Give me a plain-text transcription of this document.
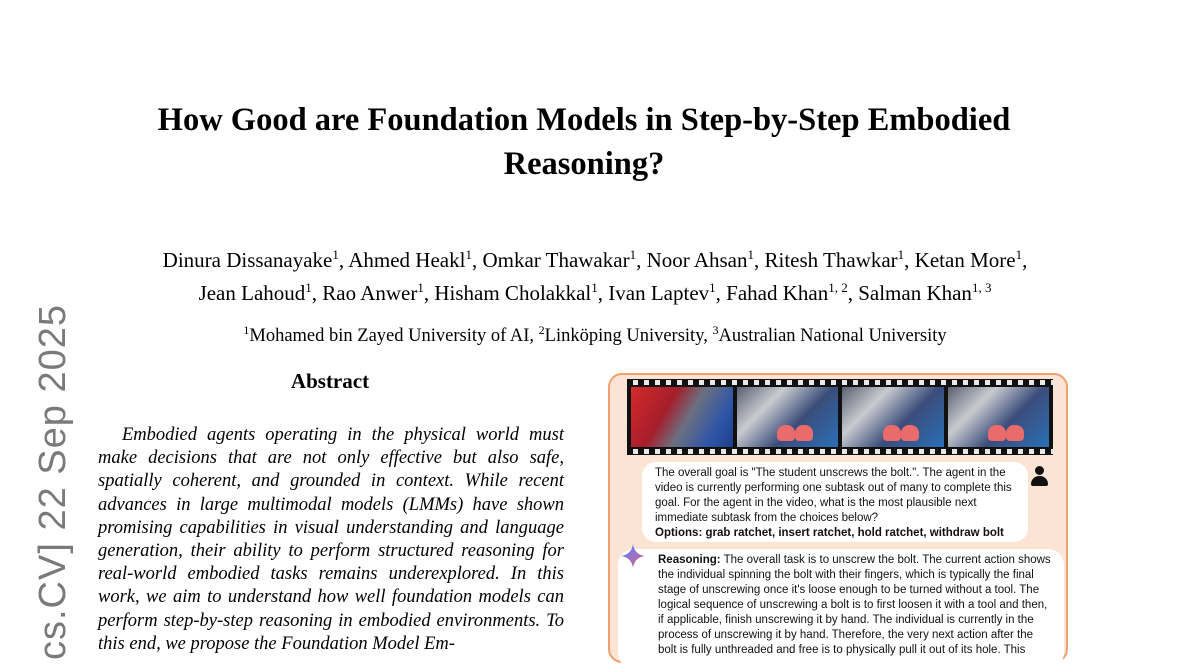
cs.CV] 22 Sep 2025
How Good are Foundation Models in Step-by-Step Embodied Reasoning?
Dinura Dissanayake$^1$, Ahmed Heakl$^1$, Omkar Thawakar$^1$, Noor Ahsan$^1$, Ritesh Thawkar$^1$, Ketan More$^1$,
Jean Lahoud$^1$, Rao Anwer$^1$, Hisham Cholakkal$^1$, Ivan Laptev$^1$, Fahad Khan$^{1, 2}$, Salman Khan$^{1, 3}$
$^1$Mohamed bin Zayed University of AI, $^2$Linköping University, $^3$Australian National University
Abstract

Embodied agents operating in the physical world must make decisions that are not only effective but also safe, spatially coherent, and grounded in context. While recent advances in large multimodal models (LMMs) have shown promising capabilities in visual understanding and language generation, their ability to perform structured reasoning for real-world embodied tasks remains underexplored. In this work, we aim to understand how well foundation models can perform step-by-step reasoning in embodied environments. To this end, we propose the Foundation Model Em-

The overall goal is "The student unscrews the bolt.". The agent in the video is currently performing one subtask out of many to complete this goal. For the agent in the video, what is the most plausible next immediate subtask from the choices below?
Options: grab ratchet, insert ratchet, hold ratchet, withdraw bolt
Reasoning: The overall task is to unscrew the bolt. The current action shows the individual spinning the bolt with their fingers, which is typically the final stage of unscrewing once it's loose enough to be turned without a tool. The logical sequence of unscrewing a bolt is to first loosen it with a tool and then, if applicable, finish unscrewing it by hand. The individual is currently in the process of unscrewing it by hand. Therefore, the very next action after the bolt is fully unthreaded and free is to physically pull it out of its hole. This
